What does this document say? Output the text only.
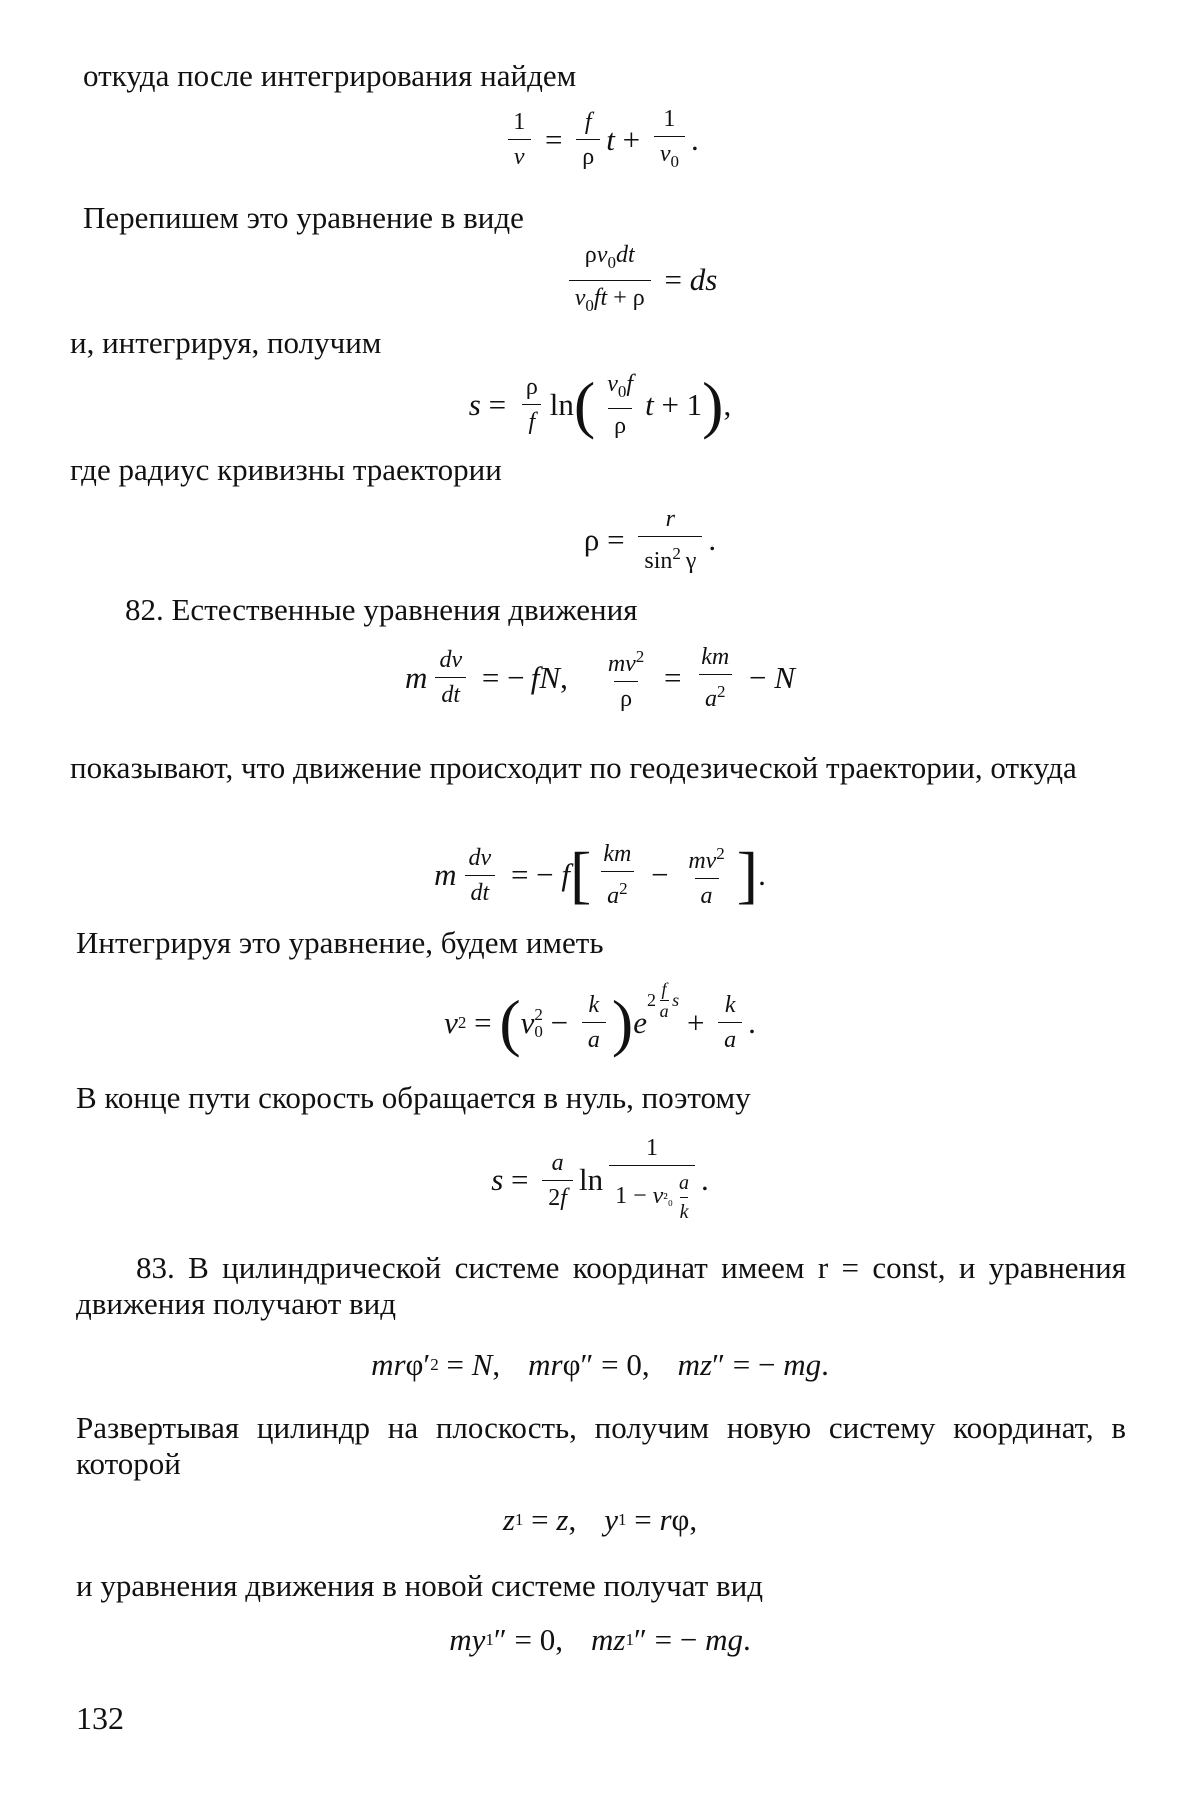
откуда после интегрирования найдем
$\frac{1}{v} = \frac{f}{\rho}$ $t + \frac{1}{v_0}$ .
Перепишем это уравнение в виде
$\frac{\rho v_0dt}{v_0ft + \rho}$ = ds
и, интегрируя, получим
$s = \frac{\rho}{f}$ ln ( $\frac{v_0f}{\rho}$ t + 1 ) ,
где радиус кривизны траектории
$\rho = \frac{r}{\sin^2 \gamma}$ .
82. Естественные уравнения движения
m $\frac{dv}{dt}$ = − fN, $\frac{mv^2}{\rho} = \frac{km}{a^2} - N$
показывают, что движение происходит по геодезической траектории, откуда
m $\frac{dv}{dt}$ = − f [ $\frac{km}{a^2} - \frac{mv^2}{a}$ ] .
Интегрируя это уравнение, будем иметь
v 2 = ( v 2
$0 - \frac{k}{a}$ ) e
2 
f
a

s
+ $\frac{k}{a}$ .
В конце пути скорость обращается в нуль, поэтому
$s = \frac{a}{2f}$ $\ln \frac{1}{1 - v^2_0 \frac{a}{k}}$ .
83. В цилиндрической системе координат имеем r = const, и уравнения движения получают вид
mr φ′ 2 = N, mr φ″ = 0, mz ″ = − mg.
Развертывая цилиндр на плоскость, получим новую систему координат, в которой
z 1 = z, y 1 = rφ,
и уравнения движения в новой системе получат вид
my 1 ″ = 0, mz 1 ″ = − mg.
132
